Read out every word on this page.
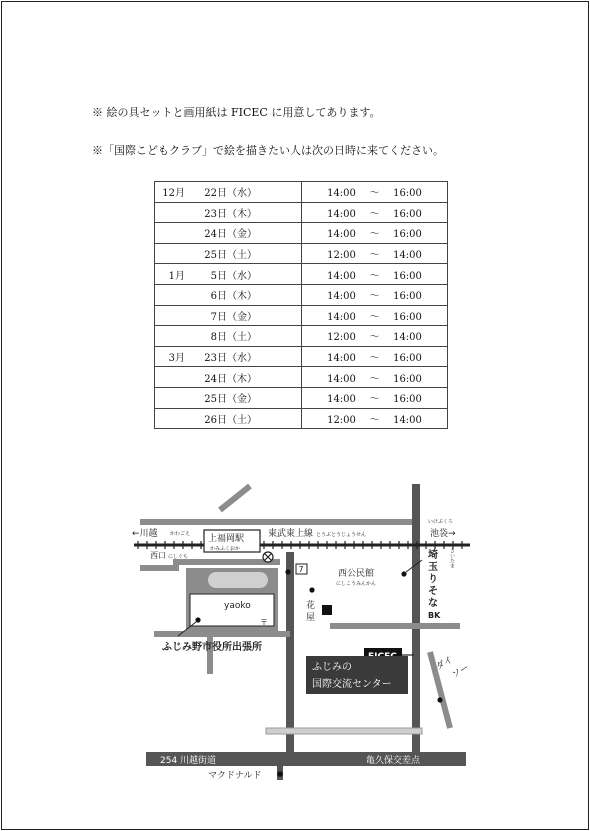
※ 絵の具セットと画用紙は FICEC に用意してあります。
※「国際こどもクラブ」で絵を描きたい人は次の日時に来てください。
12月 22日（水）	14:00 〜 16:00
23日（木）	14:00 〜 16:00
24日（金）	14:00 〜 16:00
25日（土）	12:00 〜 14:00
1月 5日（水）	14:00 〜 16:00
6日（木）	14:00 〜 16:00
7日（金）	14:00 〜 16:00
8日（土）	12:00 〜 14:00
3月 23日（水）	14:00 〜 16:00
24日（木）	14:00 〜 16:00
25日（金）	14:00 〜 16:00
26日（土）	12:00 〜 14:00
←川越 かわごえ
いけぶくろ
池袋→
東武東上線 とうぶとうじょうせん
上福岡駅
かみふくおか
西口 にしぐち
7
yaoko
〒
ふじみ野市役所出張所
花
屋
西公民館
にしこうみんかん
さいたま
埼
玉
り
そ
な
BK
ふじみの
国際交流センター
ダイ
ソー
254 川越街道	亀久保交差点
マクドナルド
